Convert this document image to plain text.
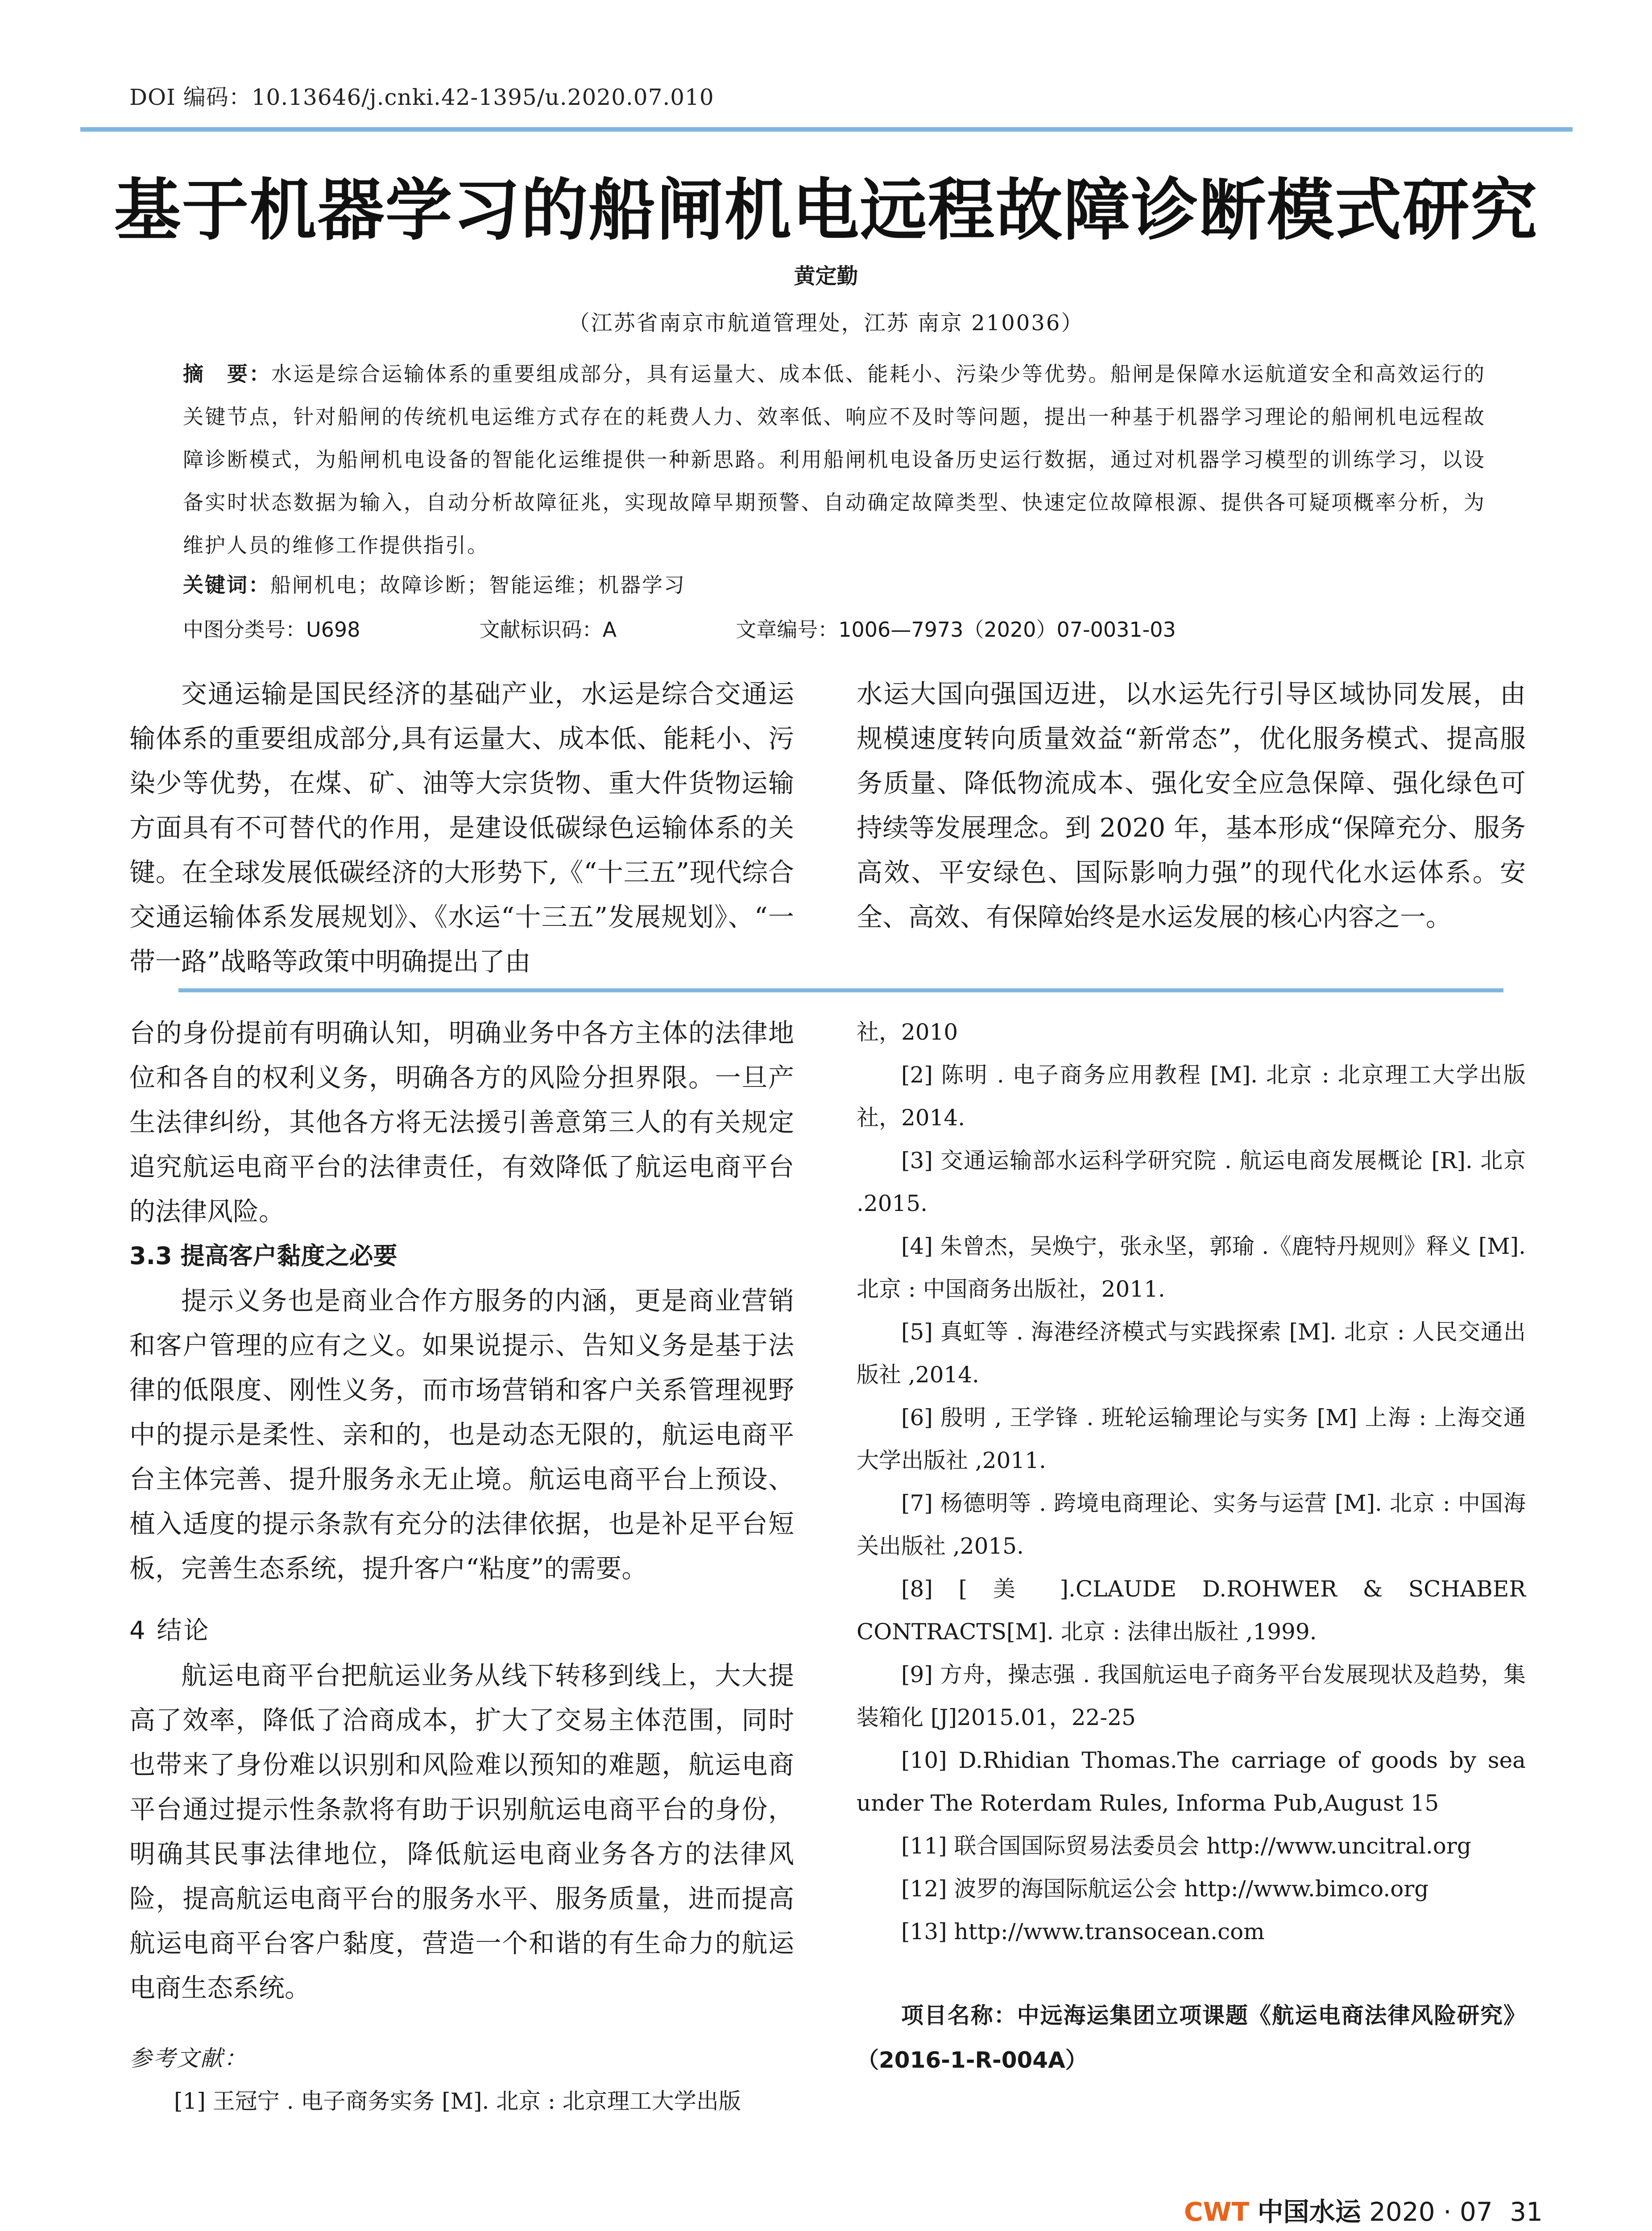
DOI 编码：10.13646/j.cnki.42-1395/u.2020.07.010
基于机器学习的船闸机电远程故障诊断模式研究
黄定勤
（江苏省南京市航道管理处，江苏 南京 210036）
摘　要：水运是综合运输体系的重要组成部分，具有运量大、成本低、能耗小、污染少等优势。船闸是保障水运航道安全和高效运行的关键节点，针对船闸的传统机电运维方式存在的耗费人力、效率低、响应不及时等问题，提出一种基于机器学习理论的船闸机电远程故障诊断模式，为船闸机电设备的智能化运维提供一种新思路。利用船闸机电设备历史运行数据，通过对机器学习模型的训练学习，以设备实时状态数据为输入，自动分析故障征兆，实现故障早期预警、自动确定故障类型、快速定位故障根源、提供各可疑项概率分析，为维护人员的维修工作提供指引。
关键词：船闸机电；故障诊断；智能运维；机器学习
中图分类号：U698	文献标识码：A	文章编号：1006—7973（2020）07-0031-03

交通运输是国民经济的基础产业，水运是综合交通运输体系的重要组成部分,具有运量大、成本低、能耗小、污染少等优势，在煤、矿、油等大宗货物、重大件货物运输方面具有不可替代的作用，是建设低碳绿色运输体系的关键。在全球发展低碳经济的大形势下,《“十三五”现代综合交通运输体系发展规划》、《水运“十三五”发展规划》、“一带一路”战略等政策中明确提出了由

水运大国向强国迈进，以水运先行引导区域协同发展，由规模速度转向质量效益“新常态”，优化服务模式、提高服务质量、降低物流成本、强化安全应急保障、强化绿色可持续等发展理念。到 2020 年，基本形成“保障充分、服务高效、平安绿色、国际影响力强”的现代化水运体系。安全、高效、有保障始终是水运发展的核心内容之一。

台的身份提前有明确认知，明确业务中各方主体的法律地位和各自的权利义务，明确各方的风险分担界限。一旦产生法律纠纷，其他各方将无法援引善意第三人的有关规定追究航运电商平台的法律责任，有效降低了航运电商平台的法律风险。

3.3 提高客户黏度之必要

提示义务也是商业合作方服务的内涵，更是商业营销和客户管理的应有之义。如果说提示、告知义务是基于法律的低限度、刚性义务，而市场营销和客户关系管理视野中的提示是柔性、亲和的，也是动态无限的，航运电商平台主体完善、提升服务永无止境。航运电商平台上预设、植入适度的提示条款有充分的法律依据，也是补足平台短板，完善生态系统，提升客户“粘度”的需要。

4 结论

航运电商平台把航运业务从线下转移到线上，大大提高了效率，降低了洽商成本，扩大了交易主体范围，同时也带来了身份难以识别和风险难以预知的难题，航运电商平台通过提示性条款将有助于识别航运电商平台的身份，明确其民事法律地位，降低航运电商业务各方的法律风险，提高航运电商平台的服务水平、服务质量，进而提高航运电商平台客户黏度，营造一个和谐的有生命力的航运电商生态系统。

参考文献：

[1] 王冠宁 . 电子商务实务 [M]. 北京 : 北京理工大学出版

社，2010

[2] 陈明 . 电子商务应用教程 [M]. 北京 : 北京理工大学出版社，2014.

[3] 交通运输部水运科学研究院 . 航运电商发展概论 [R]. 北京 .2015.

[4] 朱曾杰，吴焕宁，张永坚，郭瑜 .《鹿特丹规则》释义 [M]. 北京 : 中国商务出版社，2011.

[5] 真虹等 . 海港经济模式与实践探索 [M]. 北京 : 人民交通出版社 ,2014.

[6] 殷明 , 王学锋 . 班轮运输理论与实务 [M] 上海 : 上海交通大学出版社 ,2011.

[7] 杨德明等 . 跨境电商理论、实务与运营 [M]. 北京 : 中国海关出版社 ,2015.

[8] [ 美 ].CLAUDE D.ROHWER & SCHABER CONTRACTS[M]. 北京 : 法律出版社 ,1999.

[9] 方舟，操志强 . 我国航运电子商务平台发展现状及趋势，集装箱化 [J]2015.01，22-25

[10] D.Rhidian Thomas.The carriage of goods by sea under The Roterdam Rules, Informa Pub,August 15

[11] 联合国国际贸易法委员会 http://www.uncitral.org

[12] 波罗的海国际航运公会 http://www.bimco.org

[13] http://www.transocean.com

项目名称：中远海运集团立项课题《航运电商法律风险研究》（2016-1-R-004A）
CWT 中国水运 2020 · 07 31
